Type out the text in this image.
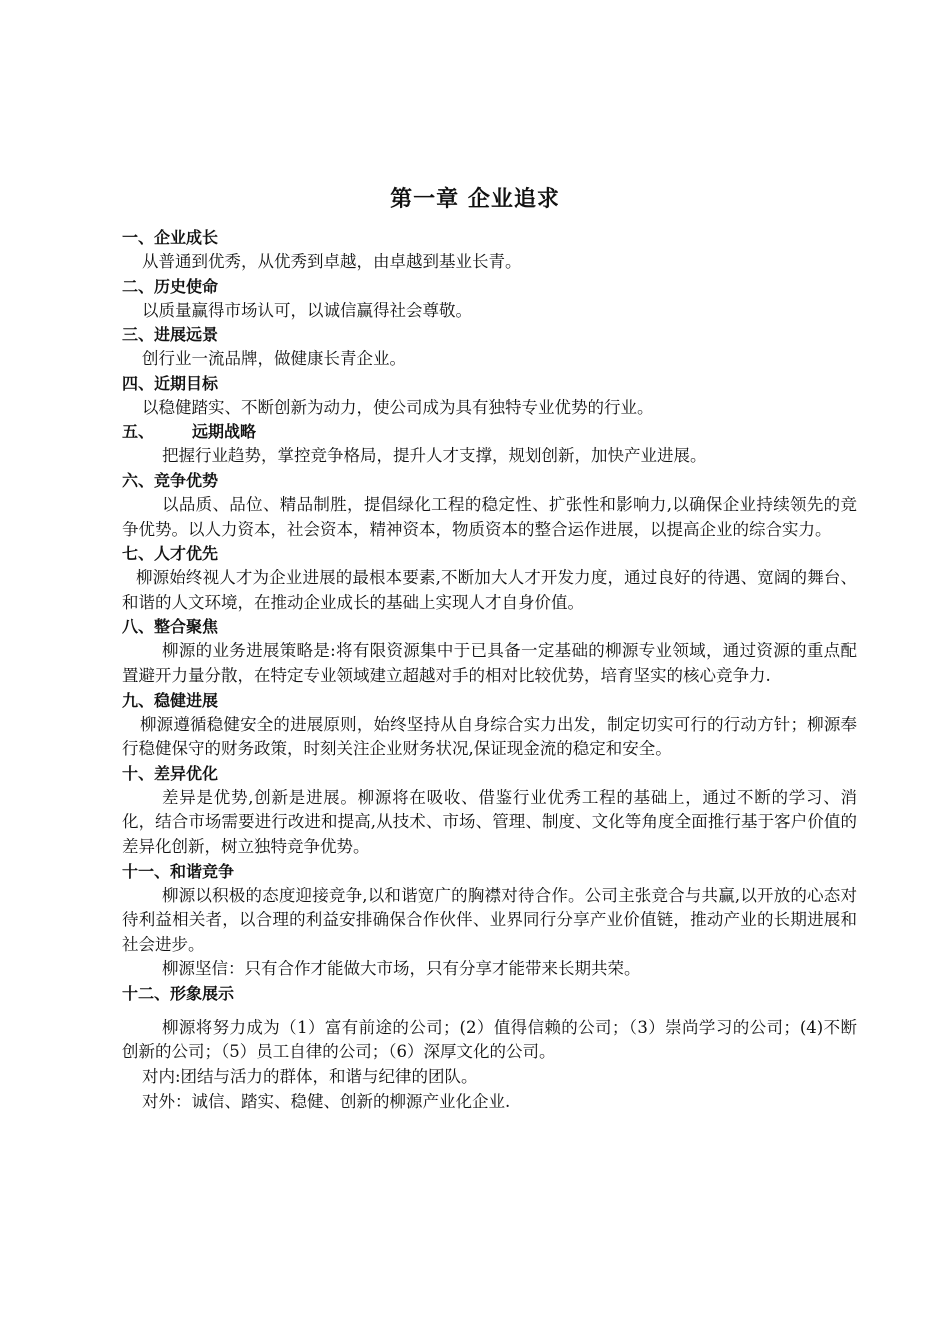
第一章 企业追求
一、企业成长

从普通到优秀，从优秀到卓越，由卓越到基业长青。

二、历史使命

以质量赢得市场认可，以诚信赢得社会尊敬。

三、进展远景

创行业一流品牌，做健康长青企业。

四、近期目标

以稳健踏实、不断创新为动力，使公司成为具有独特专业优势的行业。

五、 远期战略

把握行业趋势，掌控竞争格局，提升人才支撑，规划创新，加快产业进展。

六、竞争优势

以品质、品位、精品制胜，提倡绿化工程的稳定性、扩张性和影响力,以确保企业持续领先的竞争优势。以人力资本，社会资本，精神资本，物质资本的整合运作进展，以提高企业的综合实力。

七、人才优先

柳源始终视人才为企业进展的最根本要素,不断加大人才开发力度，通过良好的待遇、宽阔的舞台、和谐的人文环境，在推动企业成长的基础上实现人才自身价值。

八、整合聚焦

柳源的业务进展策略是:将有限资源集中于已具备一定基础的柳源专业领域，通过资源的重点配置避开力量分散，在特定专业领域建立超越对手的相对比较优势，培育坚实的核心竞争力.

九、稳健进展

柳源遵循稳健安全的进展原则，始终坚持从自身综合实力出发，制定切实可行的行动方针；柳源奉行稳健保守的财务政策，时刻关注企业财务状况,保证现金流的稳定和安全。

十、差异优化

差异是优势,创新是进展。柳源将在吸收、借鉴行业优秀工程的基础上，通过不断的学习、消化，结合市场需要进行改进和提高,从技术、市场、管理、制度、文化等角度全面推行基于客户价值的差异化创新，树立独特竞争优势。

十一、和谐竞争

柳源以积极的态度迎接竞争,以和谐宽广的胸襟对待合作。公司主张竞合与共赢,以开放的心态对待利益相关者，以合理的利益安排确保合作伙伴、业界同行分享产业价值链，推动产业的长期进展和社会进步。

柳源坚信：只有合作才能做大市场，只有分享才能带来长期共荣。

十二、形象展示

柳源将努力成为（1）富有前途的公司；(2）值得信赖的公司；（3）崇尚学习的公司；(4)不断创新的公司；（5）员工自律的公司；（6）深厚文化的公司。

对内:团结与活力的群体，和谐与纪律的团队。

对外：诚信、踏实、稳健、创新的柳源产业化企业.
